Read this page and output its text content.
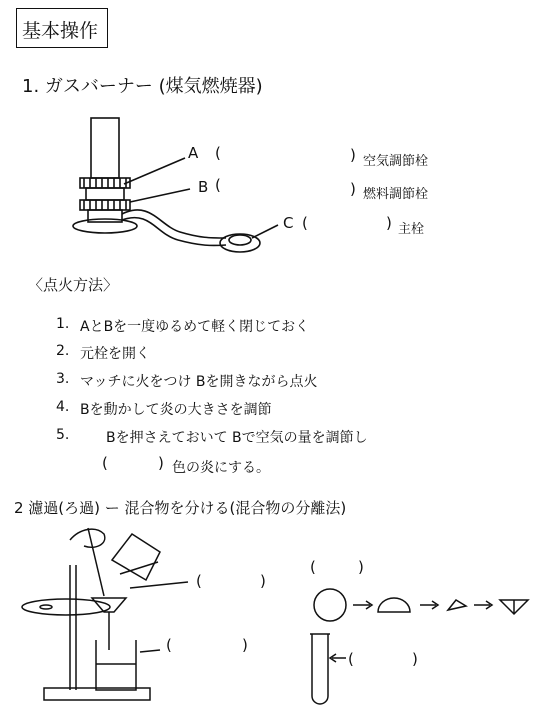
基本操作
1. ガスバーナー (煤気燃焼器)
A (	) 空気調節栓
B (	) 燃料調節栓
C (	) 主栓
〈点火方法〉
1. AとBを一度ゆるめて軽く閉じておく
2. 元栓を開く
3. マッチに火をつけ Bを開きながら点火
4. Bを動かして炎の大きさを調節
5.	Bを押さえておいて Bで空気の量を調節し
(	) 色の炎にする。
2 濾過(ろ過) ー 混合物を分ける(混合物の分離法)
(	)
(	)
(	)
(	)
